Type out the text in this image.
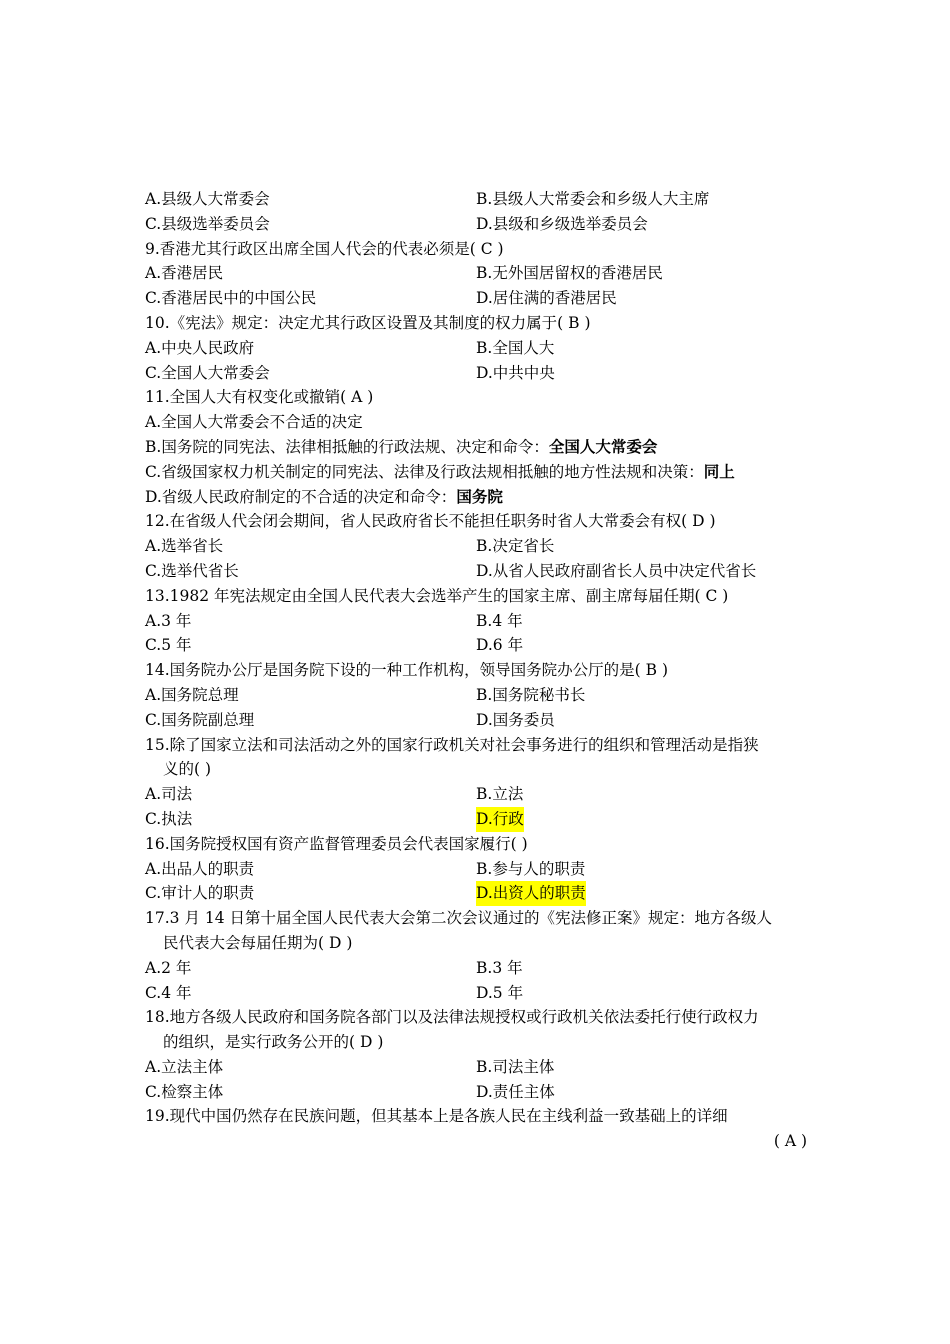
A.县级人大常委会	B.县级人大常委会和乡级人大主席
C.县级选举委员会	D.县级和乡级选举委员会
9.香港尤其行政区出席全国人代会的代表必须是( C )
A.香港居民	B.无外国居留权的香港居民
C.香港居民中的中国公民	D.居住满的香港居民
10.《宪法》规定：决定尤其行政区设置及其制度的权力属于( B )
A.中央人民政府	B.全国人大
C.全国人大常委会	D.中共中央
11.全国人大有权变化或撤销( A )
A.全国人大常委会不合适的决定
B.国务院的同宪法、法律相抵触的行政法规、决定和命令：全国人大常委会
C.省级国家权力机关制定的同宪法、法律及行政法规相抵触的地方性法规和决策：同上
D.省级人民政府制定的不合适的决定和命令：国务院
12.在省级人代会闭会期间，省人民政府省长不能担任职务时省人大常委会有权( D )
A.选举省长	B.决定省长
C.选举代省长	D.从省人民政府副省长人员中决定代省长
13.1982 年宪法规定由全国人民代表大会选举产生的国家主席、副主席每届任期( C )
A.3 年	B.4 年
C.5 年	D.6 年
14.国务院办公厅是国务院下设的一种工作机构，领导国务院办公厅的是( B )
A.国务院总理	B.国务院秘书长
C.国务院副总理	D.国务委员
15.除了国家立法和司法活动之外的国家行政机关对社会事务进行的组织和管理活动是指狭
义的( )
A.司法	B.立法
C.执法	D.行政
16.国务院授权国有资产监督管理委员会代表国家履行( )
A.出品人的职责	B.参与人的职责
C.审计人的职责	D.出资人的职责
17.3 月 14 日第十届全国人民代表大会第二次会议通过的《宪法修正案》规定：地方各级人
民代表大会每届任期为( D )
A.2 年	B.3 年
C.4 年	D.5 年
18.地方各级人民政府和国务院各部门以及法律法规授权或行政机关依法委托行使行政权力
的组织，是实行政务公开的( D )
A.立法主体	B.司法主体
C.检察主体	D.责任主体
19.现代中国仍然存在民族问题，但其基本上是各族人民在主线利益一致基础上的详细
( A )
